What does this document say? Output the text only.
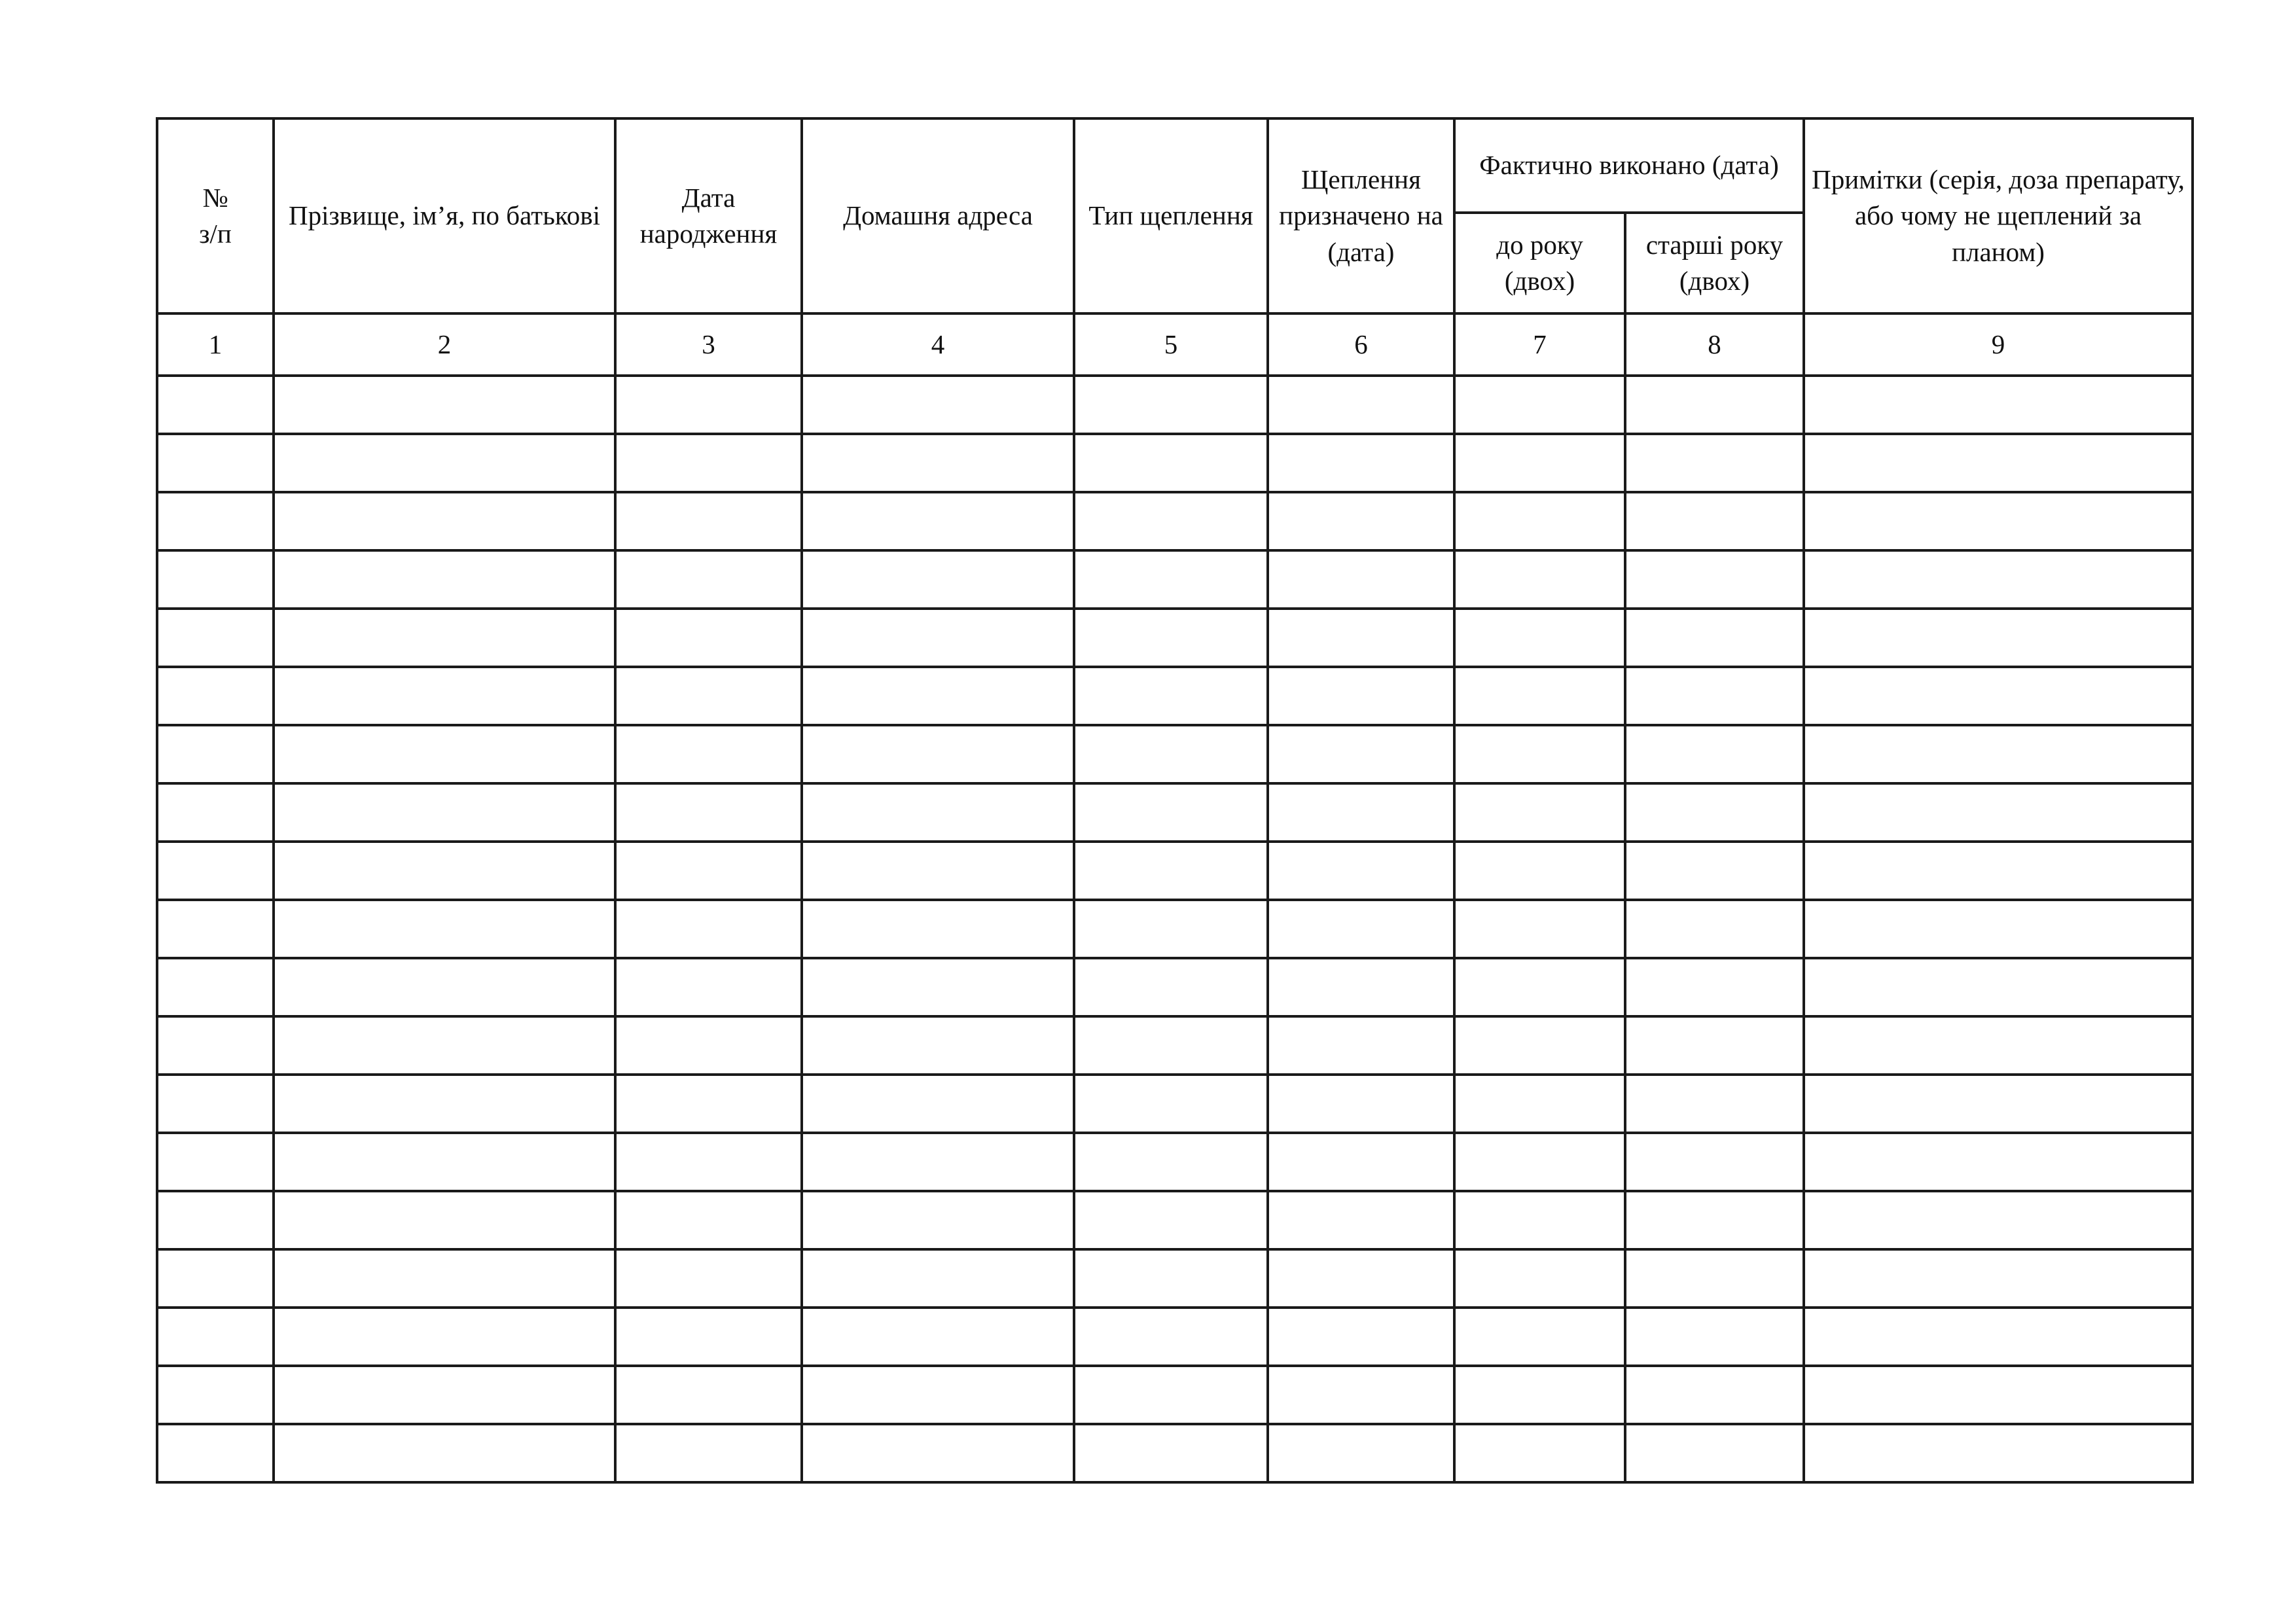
№
з/п	Прізвище, ім’я, по батькові	Дата народження	Домашня адреса	Тип щеплення	Щеплення призначено на (дата)	Фактично виконано (дата)		Примітки (серія, доза препарату, або чому не щеплений за планом)
						до року (двох)	старші року (двох)	
1	2	3	4	5	6	7	8	9
